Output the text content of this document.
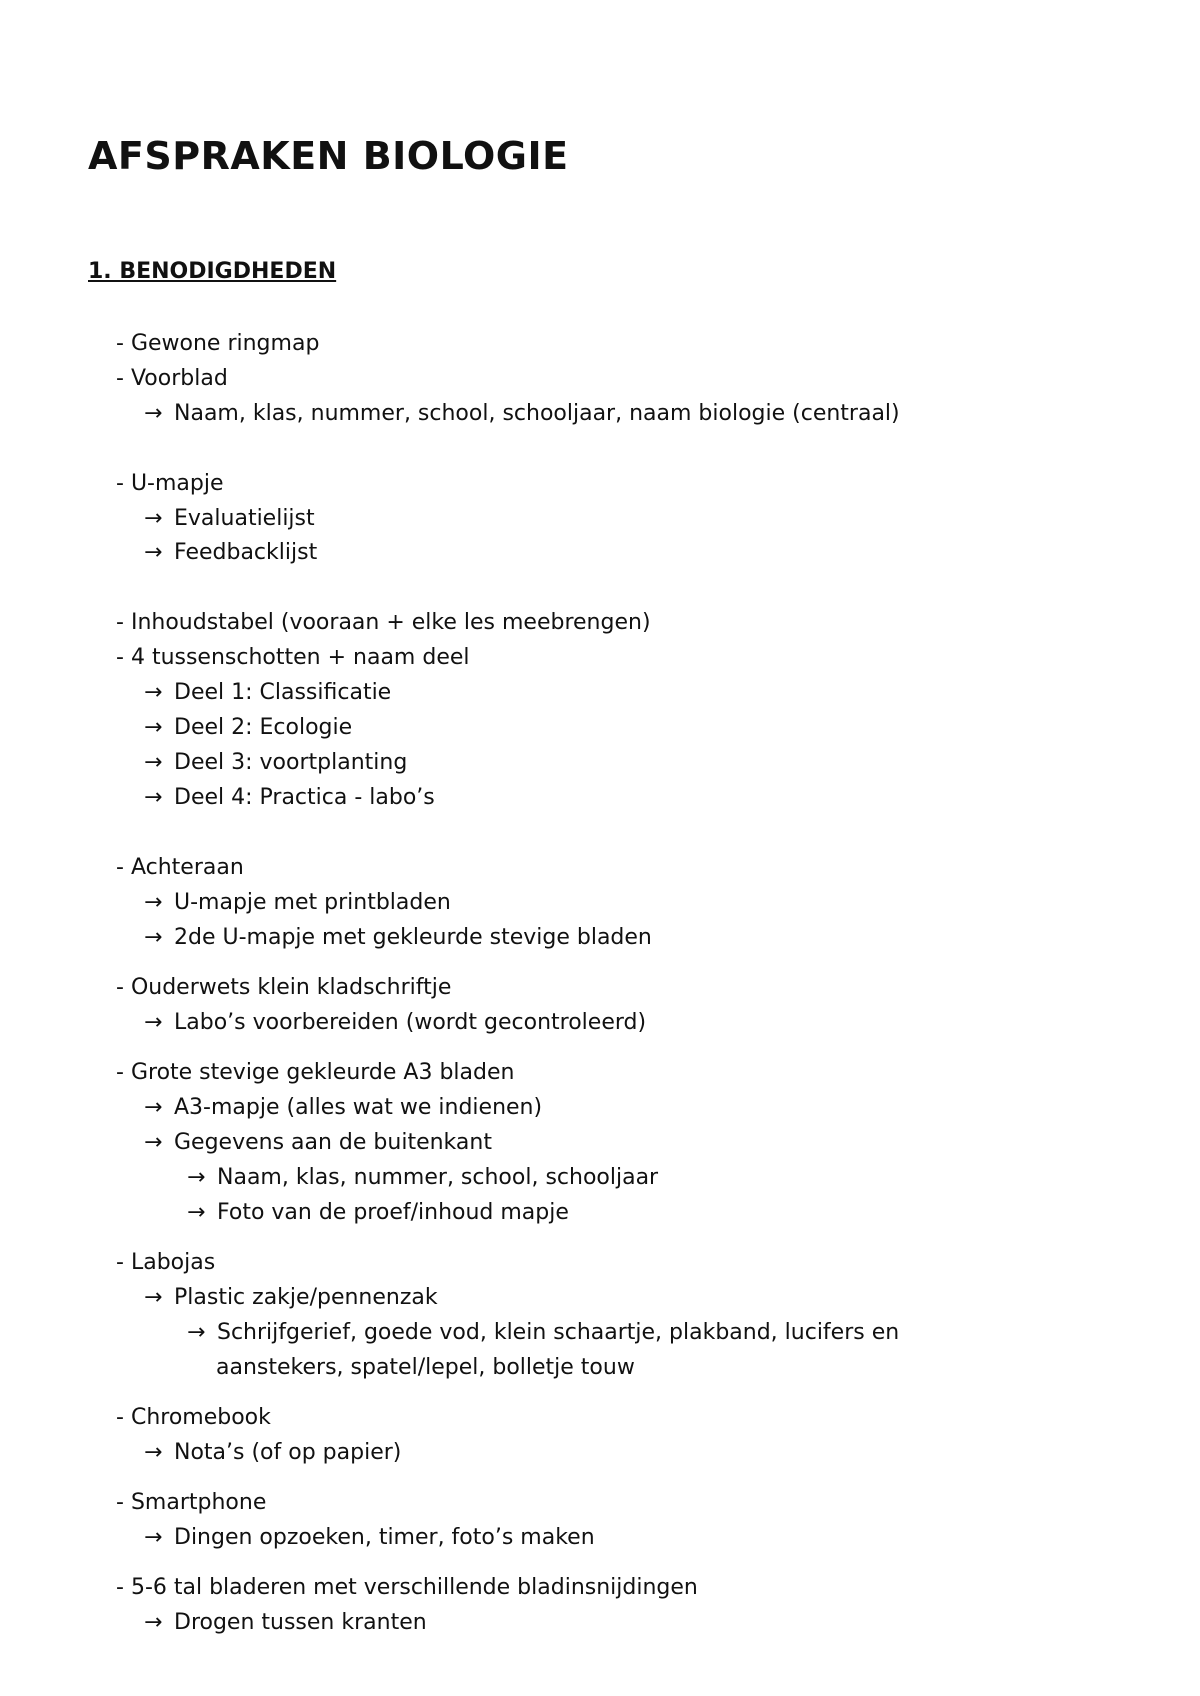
AFSPRAKEN BIOLOGIE
1. BENODIGDHEDEN
- Gewone ringmap
- Voorblad
→ Naam, klas, nummer, school, schooljaar, naam biologie (centraal)
- U-mapje
→ Evaluatielijst
→ Feedbacklijst
- Inhoudstabel (vooraan + elke les meebrengen)
- 4 tussenschotten + naam deel
→ Deel 1: Classificatie
→ Deel 2: Ecologie
→ Deel 3: voortplanting
→ Deel 4: Practica - labo’s
- Achteraan
→ U-mapje met printbladen
→ 2de U-mapje met gekleurde stevige bladen
- Ouderwets klein kladschriftje
→ Labo’s voorbereiden (wordt gecontroleerd)
- Grote stevige gekleurde A3 bladen
→ A3-mapje (alles wat we indienen)
→ Gegevens aan de buitenkant
→ Naam, klas, nummer, school, schooljaar
→ Foto van de proef/inhoud mapje
- Labojas
→ Plastic zakje/pennenzak
→ Schrijfgerief, goede vod, klein schaartje, plakband, lucifers en
aanstekers, spatel/lepel, bolletje touw
- Chromebook
→ Nota’s (of op papier)
- Smartphone
→ Dingen opzoeken, timer, foto’s maken
- 5-6 tal bladeren met verschillende bladinsnijdingen
→ Drogen tussen kranten
